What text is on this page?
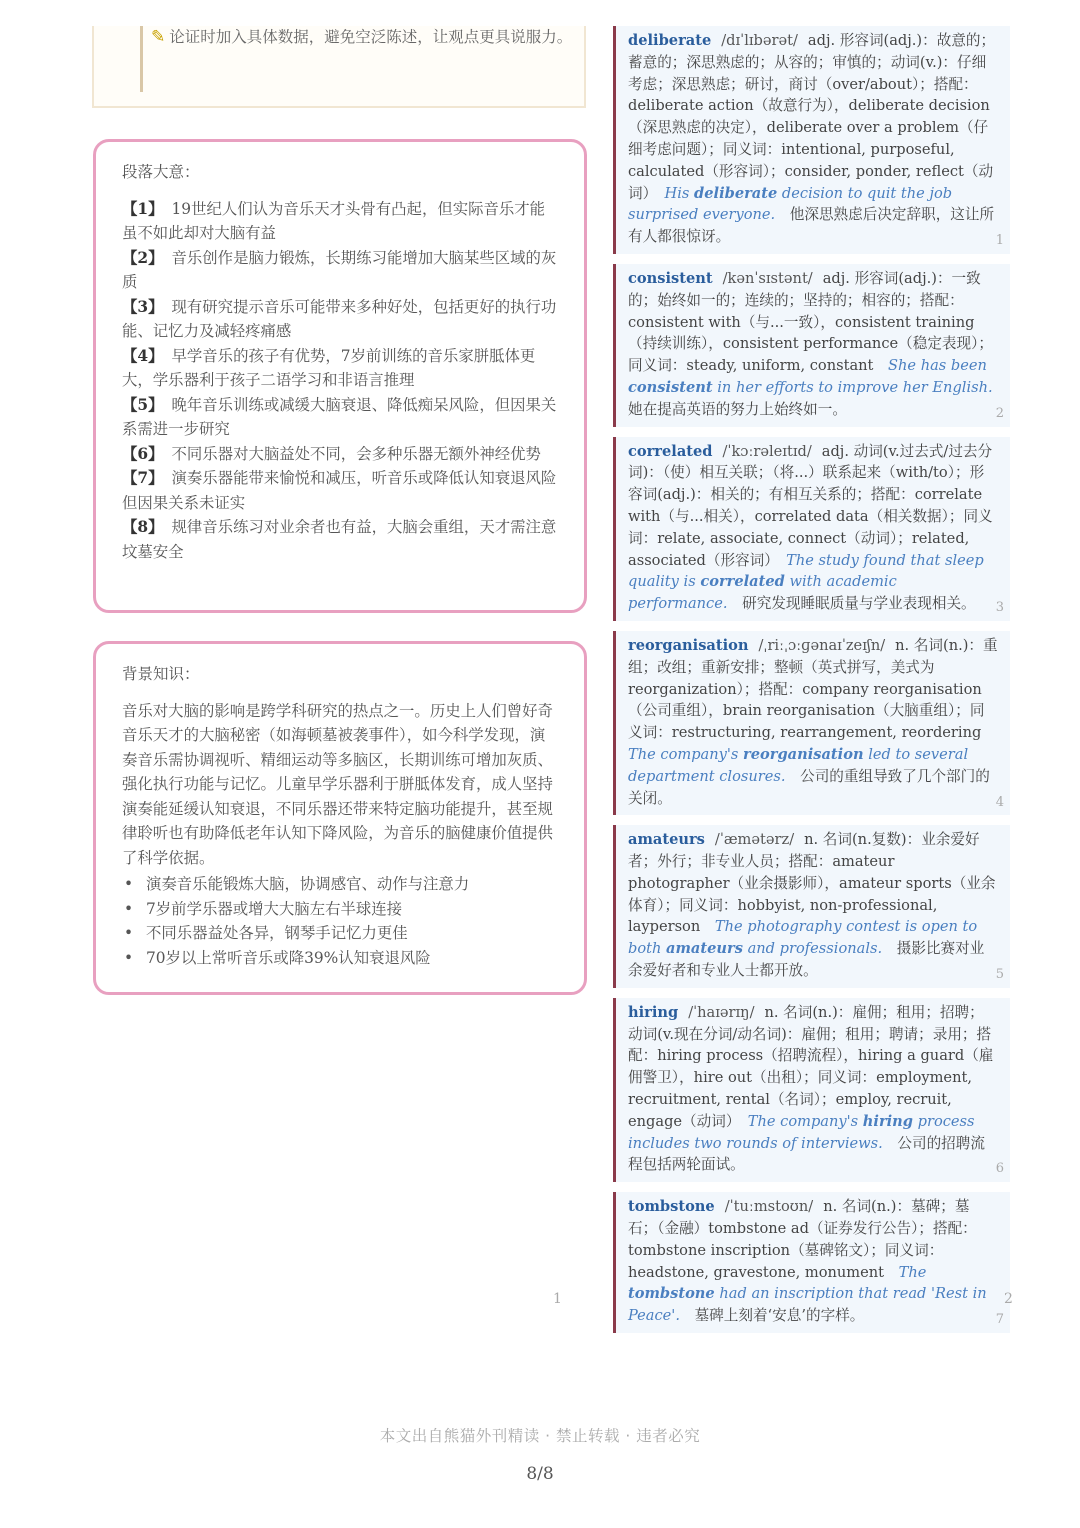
✎ 论证时加入具体数据，避免空泛陈述，让观点更具说服力。

段落大意：

【1】 19世纪人们认为音乐天才头骨有凸起，但实际音乐才能虽不如此却对大脑有益

【2】 音乐创作是脑力锻炼，长期练习能增加大脑某些区域的灰质

【3】 现有研究提示音乐可能带来多种好处，包括更好的执行功能、记忆力及减轻疼痛感

【4】 早学音乐的孩子有优势，7岁前训练的音乐家胼胝体更大，学乐器利于孩子二语学习和非语言推理

【5】 晚年音乐训练或减缓大脑衰退、降低痴呆风险，但因果关系需进一步研究

【6】 不同乐器对大脑益处不同，会多种乐器无额外神经优势

【7】 演奏乐器能带来愉悦和减压，听音乐或降低认知衰退风险但因果关系未证实

【8】 规律音乐练习对业余者也有益，大脑会重组，天才需注意坟墓安全

背景知识：

音乐对大脑的影响是跨学科研究的热点之一。历史上人们曾好奇音乐天才的大脑秘密（如海顿墓被袭事件），如今科学发现，演奏音乐需协调视听、精细运动等多脑区，长期训练可增加灰质、强化执行功能与记忆。儿童早学乐器利于胼胝体发育，成人坚持演奏能延缓认知衰退，不同乐器还带来特定脑功能提升，甚至规律聆听也有助降低老年认知下降风险，为音乐的脑健康价值提供了科学依据。

• 演奏音乐能锻炼大脑，协调感官、动作与注意力
• 7岁前学乐器或增大大脑左右半球连接
• 不同乐器益处各异，钢琴手记忆力更佳
• 70岁以上常听音乐或降39%认知衰退风险
1
deliberate /dɪˈlɪbərət/ adj. 形容词(adj.)：故意的；蓄意的；深思熟虑的；从容的；审慎的；动词(v.)：仔细考虑；深思熟虑；研讨，商讨（over/about）；搭配：deliberate action（故意行为），deliberate decision（深思熟虑的决定），deliberate over a problem（仔细考虑问题）；同义词：intentional, purposeful, calculated（形容词）；consider, ponder, reflect（动词）　 His deliberate decision to quit the job surprised everyone.　 他深思熟虑后决定辞职，这让所有人都很惊讶。	1
consistent /kənˈsɪstənt/ adj. 形容词(adj.)：一致的；始终如一的；连续的；坚持的；相容的；搭配：consistent with（与...一致），consistent training（持续训练），consistent performance（稳定表现）；同义词：steady, uniform, constant　 She has been consistent in her efforts to improve her English.　她在提高英语的努力上始终如一。	2
correlated /ˈkɔːrəleɪtɪd/ adj. 动词(v.过去式/过去分词)：（使）相互关联；（将...）联系起来（with/to）；形容词(adj.)：相关的；有相互关系的；搭配：correlate with（与...相关），correlated data（相关数据）；同义词：relate, associate, connect（动词）；related, associated（形容词）　 The study found that sleep quality is correlated with academic performance.　 研究发现睡眠质量与学业表现相关。 3
reorganisation /ˌriːˌɔːɡənaɪˈzeɪʃn/ n. 名词(n.)：重组；改组；重新安排；整顿（英式拼写，美式为reorganization）；搭配：company reorganisation（公司重组），brain reorganisation（大脑重组）；同义词：restructuring, rearrangement, reordering　The company's reorganisation led to several department closures.　 公司的重组导致了几个部门的关闭。	4
amateurs /ˈæmətərz/ n. 名词(n.复数)：业余爱好者；外行；非专业人员；搭配：amateur photographer（业余摄影师），amateur sports（业余体育）；同义词：hobbyist, non-professional, layperson　 The photography contest is open to both amateurs and professionals.　 摄影比赛对业余爱好者和专业人士都开放。	5
hiring /ˈhaɪərɪŋ/ n. 名词(n.)：雇佣；租用；招聘；动词(v.现在分词/动名词)：雇佣；租用；聘请；录用；搭配：hiring process（招聘流程），hiring a guard（雇佣警卫），hire out（出租）；同义词：employment, recruitment, rental（名词）；employ, recruit, engage（动词）　 The company's hiring process includes two rounds of interviews.　 公司的招聘流程包括两轮面试。	6
tombstone /ˈtuːmstoʊn/ n. 名词(n.)：墓碑；墓石；（金融）tombstone ad（证券发行公告）；搭配：tombstone inscription（墓碑铭文）；同义词：headstone, gravestone, monument　 The tombstone had an inscription that read 'Rest in Peace'.　 墓碑上刻着‘安息’的字样。	7
2
本文出自熊猫外刊精读 · 禁止转载 · 违者必究
8/8
